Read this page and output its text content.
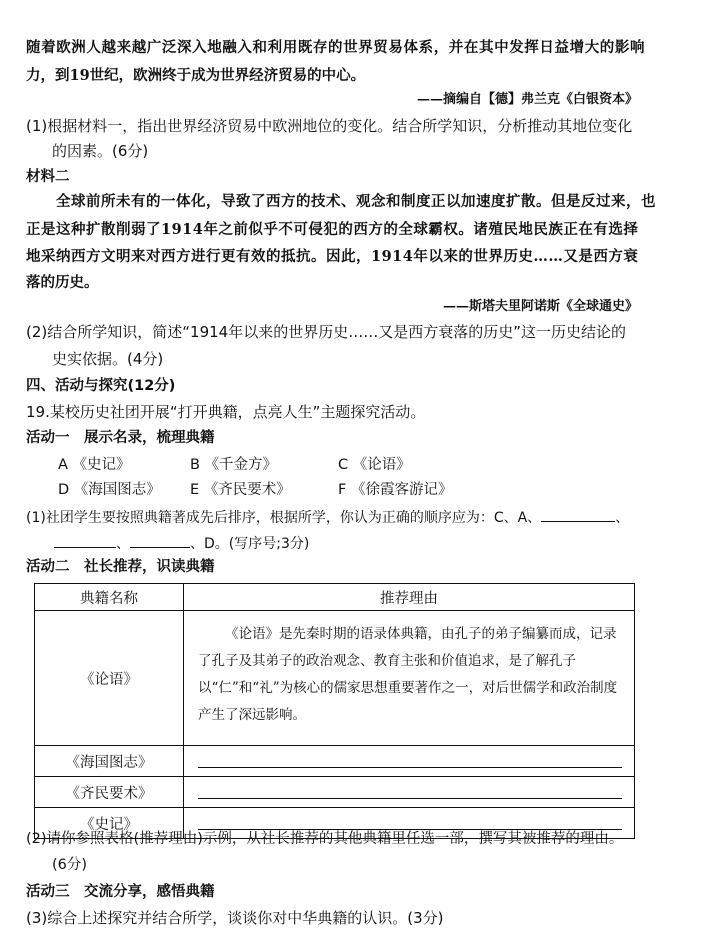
随着欧洲人越来越广泛深入地融入和利用既存的世界贸易体系，并在其中发挥日益增大的影响
力，到19世纪，欧洲终于成为世界经济贸易的中心。
——摘编自【德】弗兰克《白银资本》
(1)根据材料一，指出世界经济贸易中欧洲地位的变化。结合所学知识，分析推动其地位变化
的因素。(6分)
材料二
全球前所未有的一体化，导致了西方的技术、观念和制度正以加速度扩散。但是反过来，也
正是这种扩散削弱了1914年之前似乎不可侵犯的西方的全球霸权。诸殖民地民族正在有选择
地采纳西方文明来对西方进行更有效的抵抗。因此，1914年以来的世界历史……又是西方衰
落的历史。
——斯塔夫里阿诺斯《全球通史》
(2)结合所学知识，简述“1914年以来的世界历史……又是西方衰落的历史”这一历史结论的
史实依据。(4分)
四、活动与探究(12分)
19.某校历史社团开展“打开典籍，点亮人生”主题探究活动。
活动一　展示名录，梳理典籍
A 《史记》	B 《千金方》	C 《论语》
D 《海国图志》 E 《齐民要术》	F 《徐霞客游记》
(1)社团学生要按照典籍著成先后排序，根据所学，你认为正确的顺序应为：C、A、	、
、	、D。(写序号;3分)
活动二　社长推荐，识读典籍
典籍名称	推荐理由
《论语》	《论语》是先秦时期的语录体典籍，由孔子的弟子编纂而成，记录了孔子及其弟子的政治观念、教育主张和价值追求，是了解孔子以“仁”和“礼”为核心的儒家思想重要著作之一，对后世儒学和政治制度产生了深远影响。
《海国图志》	

《齐民要术》	

《史记》	
(2)请你参照表格(推荐理由)示例，从社长推荐的其他典籍里任选一部，撰写其被推荐的理由。
(6分)
活动三　交流分享，感悟典籍
(3)综合上述探究并结合所学，谈谈你对中华典籍的认识。(3分)
